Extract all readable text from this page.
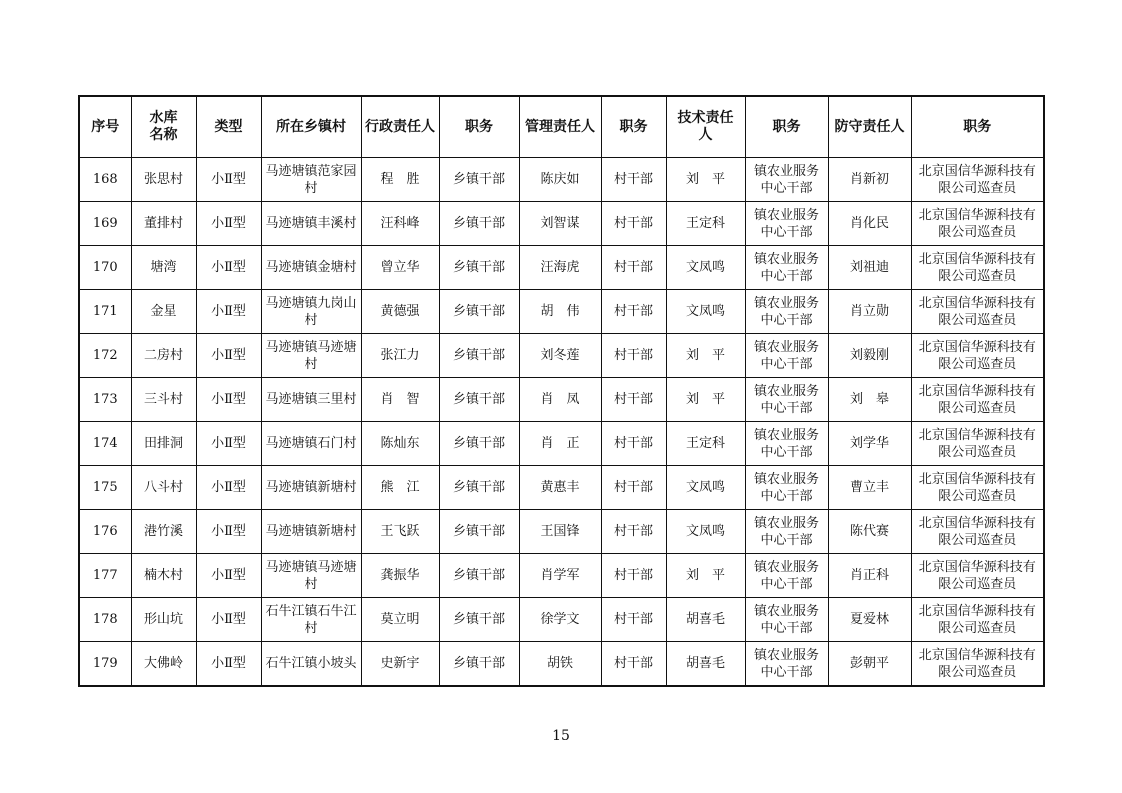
序号	水库
名称	类型	所在乡镇村	行政责任人	职务	管理责任人	职务	技术责任
人	职务	防守责任人	职务
168	张思村	小Ⅱ型	马迹塘镇范家园村	程　胜	乡镇干部	陈庆如	村干部	刘　平	镇农业服务中心干部	肖新初	北京国信华源科技有限公司巡查员
169	董排村	小Ⅱ型	马迹塘镇丰溪村	汪科峰	乡镇干部	刘智谋	村干部	王定科	镇农业服务中心干部	肖化民	北京国信华源科技有限公司巡查员
170	塘湾	小Ⅱ型	马迹塘镇金塘村	曾立华	乡镇干部	汪海虎	村干部	文凤鸣	镇农业服务中心干部	刘祖迪	北京国信华源科技有限公司巡查员
171	金星	小Ⅱ型	马迹塘镇九岗山村	黄德强	乡镇干部	胡　伟	村干部	文凤鸣	镇农业服务中心干部	肖立勋	北京国信华源科技有限公司巡查员
172	二房村	小Ⅱ型	马迹塘镇马迹塘村	张江力	乡镇干部	刘冬莲	村干部	刘　平	镇农业服务中心干部	刘毅刚	北京国信华源科技有限公司巡查员
173	三斗村	小Ⅱ型	马迹塘镇三里村	肖　智	乡镇干部	肖　凤	村干部	刘　平	镇农业服务中心干部	刘　皋	北京国信华源科技有限公司巡查员
174	田排洞	小Ⅱ型	马迹塘镇石门村	陈灿东	乡镇干部	肖　正	村干部	王定科	镇农业服务中心干部	刘学华	北京国信华源科技有限公司巡查员
175	八斗村	小Ⅱ型	马迹塘镇新塘村	熊　江	乡镇干部	黄惠丰	村干部	文凤鸣	镇农业服务中心干部	曹立丰	北京国信华源科技有限公司巡查员
176	港竹溪	小Ⅱ型	马迹塘镇新塘村	王飞跃	乡镇干部	王国锋	村干部	文凤鸣	镇农业服务中心干部	陈代赛	北京国信华源科技有限公司巡查员
177	楠木村	小Ⅱ型	马迹塘镇马迹塘村	龚振华	乡镇干部	肖学军	村干部	刘　平	镇农业服务中心干部	肖正科	北京国信华源科技有限公司巡查员
178	形山坑	小Ⅱ型	石牛江镇石牛江村	莫立明	乡镇干部	徐学文	村干部	胡喜毛	镇农业服务中心干部	夏爱林	北京国信华源科技有限公司巡查员
179	大佛岭	小Ⅱ型	石牛江镇小坡头	史新宇	乡镇干部	胡铁	村干部	胡喜毛	镇农业服务中心干部	彭朝平	北京国信华源科技有限公司巡查员
15
